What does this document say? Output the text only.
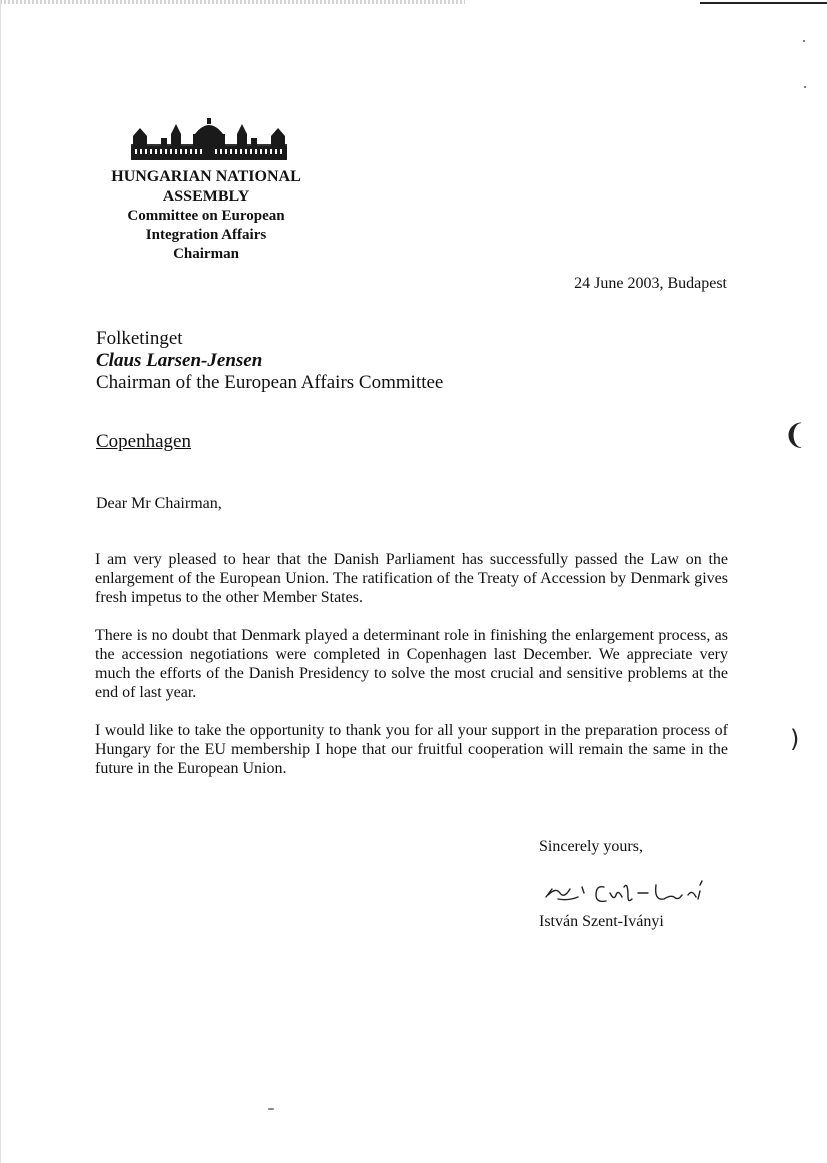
❨
)
HUNGARIAN NATIONAL ASSEMBLY
Committee on European
Integration Affairs
Chairman
24 June 2003, Budapest
Folketinget
Claus Larsen-Jensen
Chairman of the European Affairs Committee
Copenhagen
Dear Mr Chairman,

I am very pleased to hear that the Danish Parliament has successfully passed the Law on the enlargement of the European Union. The ratification of the Treaty of Accession by Denmark gives fresh impetus to the other Member States.

There is no doubt that Denmark played a determinant role in finishing the enlargement process, as the accession negotiations were completed in Copenhagen last December. We appreciate very much the efforts of the Danish Presidency to solve the most crucial and sensitive problems at the end of last year.

I would like to take the opportunity to thank you for all your support in the preparation process of Hungary for the EU membership I hope that our fruitful cooperation will remain the same in the future in the European Union.

Sincerely yours,
István Szent-Iványi
